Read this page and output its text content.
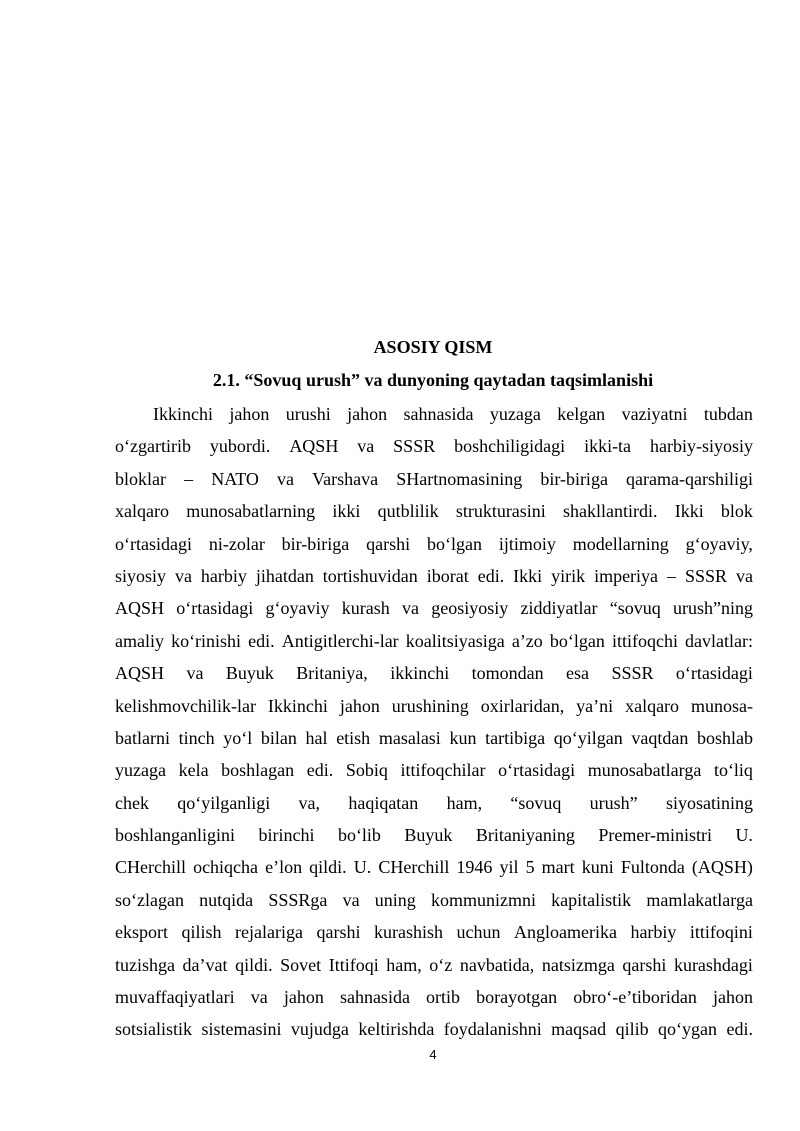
ASOSIY QISM
2.1. “Sovuq urush” va dunyoning qaytadan taqsimlanishi
Ikkinchi jahon urushi jahon sahnasida yuzaga kelgan vaziyatni tubdan
o‘zgartirib yubordi. AQSH va SSSR boshchiligidagi ikki-ta harbiy-siyosiy
bloklar – NATO va Varshava SHartnomasining bir-biriga qarama-qarshiligi
xalqaro munosabatlarning ikki qutblilik strukturasini shakllantirdi. Ikki blok
o‘rtasidagi ni-zolar bir-biriga qarshi bo‘lgan ijtimoiy modellarning g‘oyaviy,
siyosiy va harbiy jihatdan tortishuvidan iborat edi. Ikki yirik imperiya – SSSR va
AQSH o‘rtasidagi g‘oyaviy kurash va geosiyosiy ziddiyatlar “sovuq urush”ning
amaliy ko‘rinishi edi. Antigitlerchi-lar koalitsiyasiga a’zo bo‘lgan ittifoqchi davlatlar:
AQSH va Buyuk Britaniya, ikkinchi tomondan esa SSSR o‘rtasidagi
kelishmovchilik-lar Ikkinchi jahon urushining oxirlaridan, ya’ni xalqaro munosa-
batlarni tinch yo‘l bilan hal etish masalasi kun tartibiga qo‘yilgan vaqtdan boshlab
yuzaga kela boshlagan edi. Sobiq ittifoqchilar o‘rtasidagi munosabatlarga to‘liq
chek qo‘yilganligi va, haqiqatan ham, “sovuq urush” siyosatining
boshlanganligini birinchi bo‘lib Buyuk Britaniyaning Premer-ministri U.
CHerchill ochiqcha e’lon qildi. U. CHerchill 1946 yil 5 mart kuni Fultonda (AQSH)
so‘zlagan nutqida SSSRga va uning kommunizmni kapitalistik mamlakatlarga
eksport qilish rejalariga qarshi kurashish uchun Angloamerika harbiy ittifoqini
tuzishga da’vat qildi. Sovet Ittifoqi ham, o‘z navbatida, natsizmga qarshi kurashdagi
muvaffaqiyatlari va jahon sahnasida ortib borayotgan obro‘-e’tiboridan jahon
sotsialistik sistemasini vujudga keltirishda foydalanishni maqsad qilib qo‘ygan edi.
4
